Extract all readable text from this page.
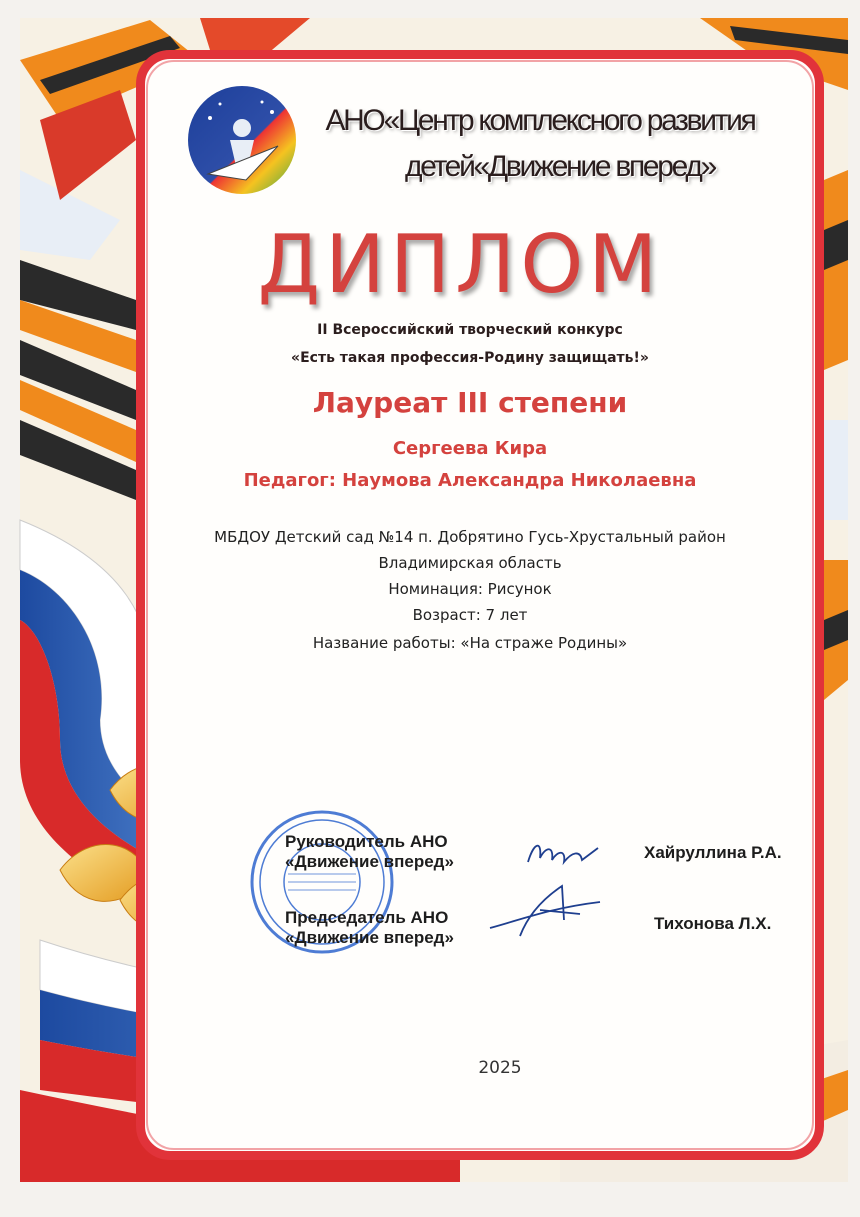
АНО«Центр комплексного развития
детей«Движение вперед»
ДИПЛОМ
II Всероссийский творческий конкурс
«Есть такая профессия-Родину защищать!»
Лауреат III степени
Сергеева Кира
Педагог: Наумова Александра Николаевна
МБДОУ Детский сад №14 п. Добрятино Гусь-Хрустальный район
Владимирская область
Номинация: Рисунок
Возраст: 7 лет
Название работы: «На страже Родины»
Руководитель АНО
«Движение вперед»
Председатель АНО
«Движение вперед»
Хайруллина Р.А.
Тихонова Л.Х.
2025
